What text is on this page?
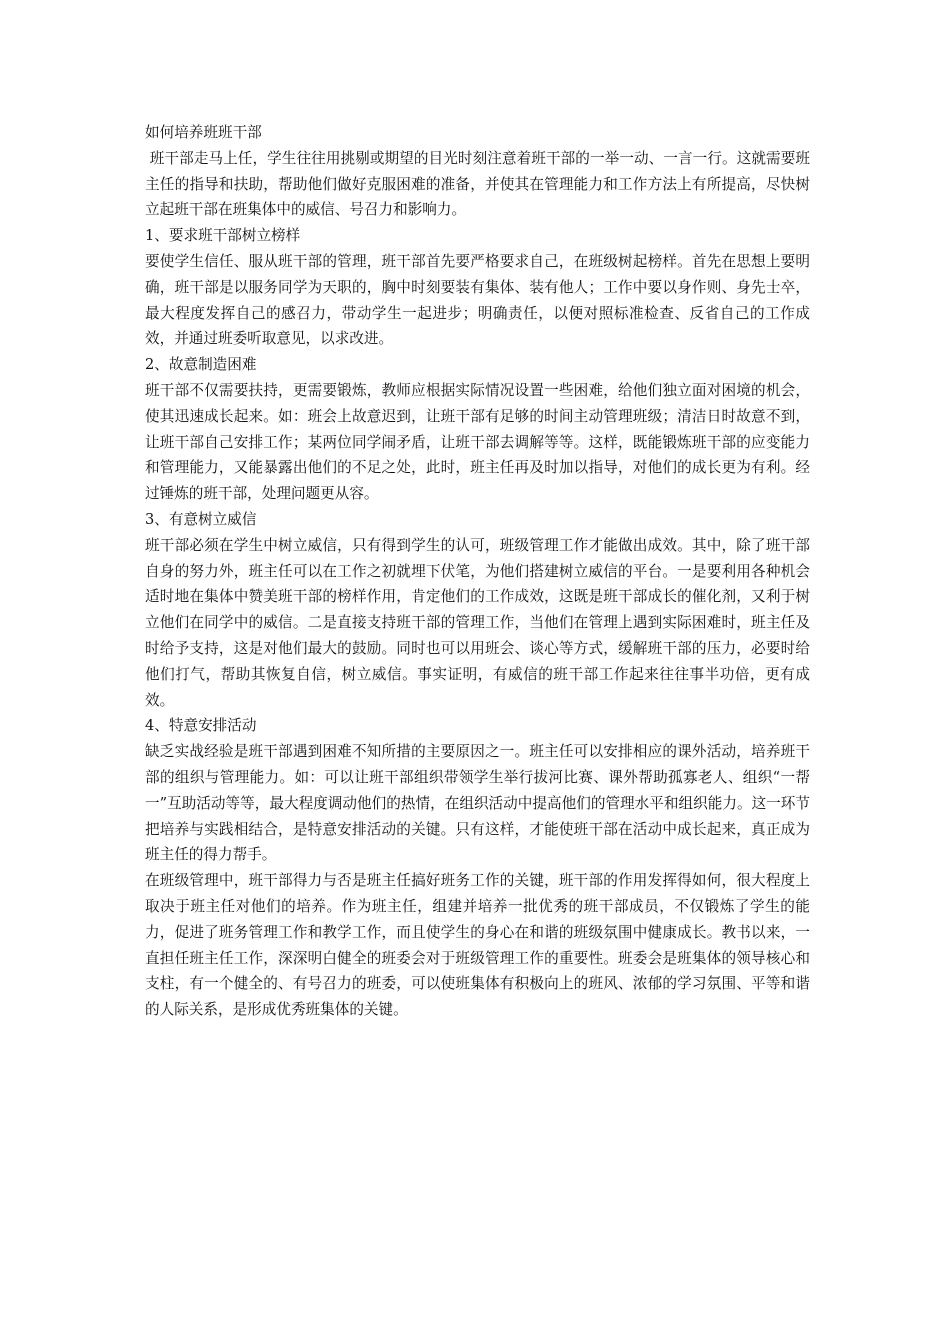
如何培养班班干部

班干部走马上任，学生往往用挑剔或期望的目光时刻注意着班干部的一举一动、一言一行。这就需要班主任的指导和扶助，帮助他们做好克服困难的准备，并使其在管理能力和工作方法上有所提高，尽快树立起班干部在班集体中的威信、号召力和影响力。

1、要求班干部树立榜样

要使学生信任、服从班干部的管理，班干部首先要严格要求自己，在班级树起榜样。首先在思想上要明确，班干部是以服务同学为天职的，胸中时刻要装有集体、装有他人；工作中要以身作则、身先士卒，最大程度发挥自己的感召力，带动学生一起进步；明确责任，以便对照标准检查、反省自己的工作成效，并通过班委听取意见，以求改进。

2、故意制造困难

班干部不仅需要扶持，更需要锻炼，教师应根据实际情况设置一些困难，给他们独立面对困境的机会，使其迅速成长起来。如：班会上故意迟到，让班干部有足够的时间主动管理班级；清洁日时故意不到，让班干部自己安排工作；某两位同学闹矛盾，让班干部去调解等等。这样，既能锻炼班干部的应变能力和管理能力，又能暴露出他们的不足之处，此时，班主任再及时加以指导，对他们的成长更为有利。经过锤炼的班干部，处理问题更从容。

3、有意树立威信

班干部必须在学生中树立威信，只有得到学生的认可，班级管理工作才能做出成效。其中，除了班干部自身的努力外，班主任可以在工作之初就埋下伏笔，为他们搭建树立威信的平台。一是要利用各种机会适时地在集体中赞美班干部的榜样作用，肯定他们的工作成效，这既是班干部成长的催化剂，又利于树立他们在同学中的威信。二是直接支持班干部的管理工作，当他们在管理上遇到实际困难时，班主任及时给予支持，这是对他们最大的鼓励。同时也可以用班会、谈心等方式，缓解班干部的压力，必要时给他们打气，帮助其恢复自信，树立威信。事实证明，有威信的班干部工作起来往往事半功倍，更有成效。

4、特意安排活动

缺乏实战经验是班干部遇到困难不知所措的主要原因之一。班主任可以安排相应的课外活动，培养班干部的组织与管理能力。如：可以让班干部组织带领学生举行拔河比赛、课外帮助孤寡老人、组织“一帮一”互助活动等等，最大程度调动他们的热情，在组织活动中提高他们的管理水平和组织能力。这一环节把培养与实践相结合，是特意安排活动的关键。只有这样，才能使班干部在活动中成长起来，真正成为班主任的得力帮手。

在班级管理中，班干部得力与否是班主任搞好班务工作的关键，班干部的作用发挥得如何，很大程度上取决于班主任对他们的培养。作为班主任，组建并培养一批优秀的班干部成员，不仅锻炼了学生的能力，促进了班务管理工作和教学工作，而且使学生的身心在和谐的班级氛围中健康成长。教书以来，一直担任班主任工作，深深明白健全的班委会对于班级管理工作的重要性。班委会是班集体的领导核心和支柱，有一个健全的、有号召力的班委，可以使班集体有积极向上的班风、浓郁的学习氛围、平等和谐的人际关系，是形成优秀班集体的关键。
